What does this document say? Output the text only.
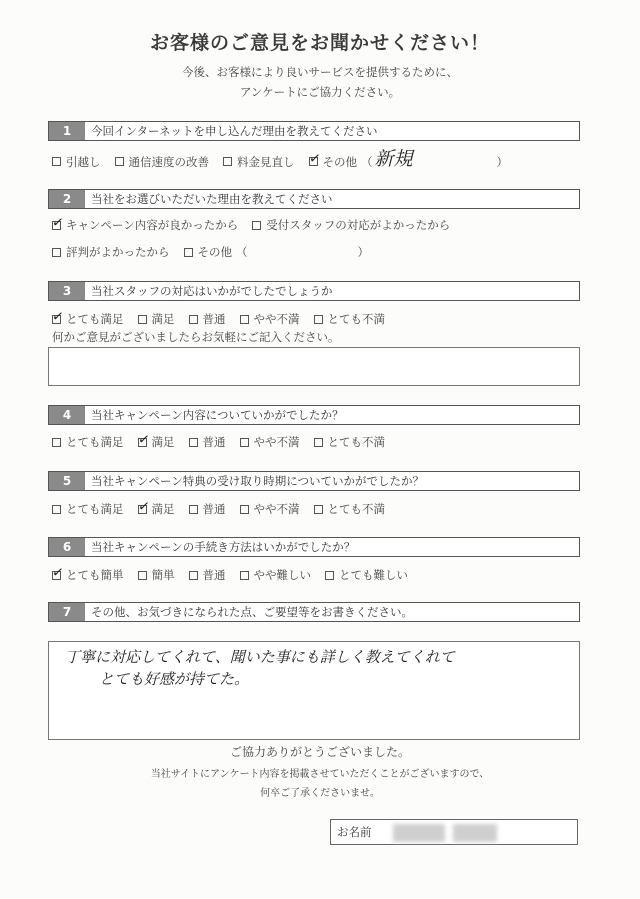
お客様のご意見をお聞かせください！
今後、お客様により良いサービスを提供するために、
アンケートにご協力ください。
1	今回インターネットを申し込んだ理由を教えてください
引越し 通信速度の改善 料金見直し ✓ その他 （ 新規	）
2	当社をお選びいただいた理由を教えてください
✓ キャンペーン内容が良かったから 受付スタッフの対応がよかったから
評判がよかったから その他 （	）
3	当社スタッフの対応はいかがでしたでしょうか
✓ とても満足 満足 普通 やや不満 とても不満
何かご意見がございましたらお気軽にご記入ください。
4	当社キャンペーン内容についていかがでしたか？
とても満足 ✓ 満足 普通 やや不満 とても不満
5	当社キャンペーン特典の受け取り時期についていかがでしたか？
とても満足 ✓ 満足 普通 やや不満 とても不満
6	当社キャンペーンの手続き方法はいかがでしたか？
✓ とても簡単 簡単 普通 やや難しい とても難しい
7	その他、お気づきになられた点、ご要望等をお書きください。
丁寧に対応してくれて、聞いた事にも詳しく教えてくれて
とても好感が持てた。
ご協力ありがとうございました。
当社サイトにアンケート内容を掲載させていただくことがございますので、
何卒ご了承くださいませ。
お名前
